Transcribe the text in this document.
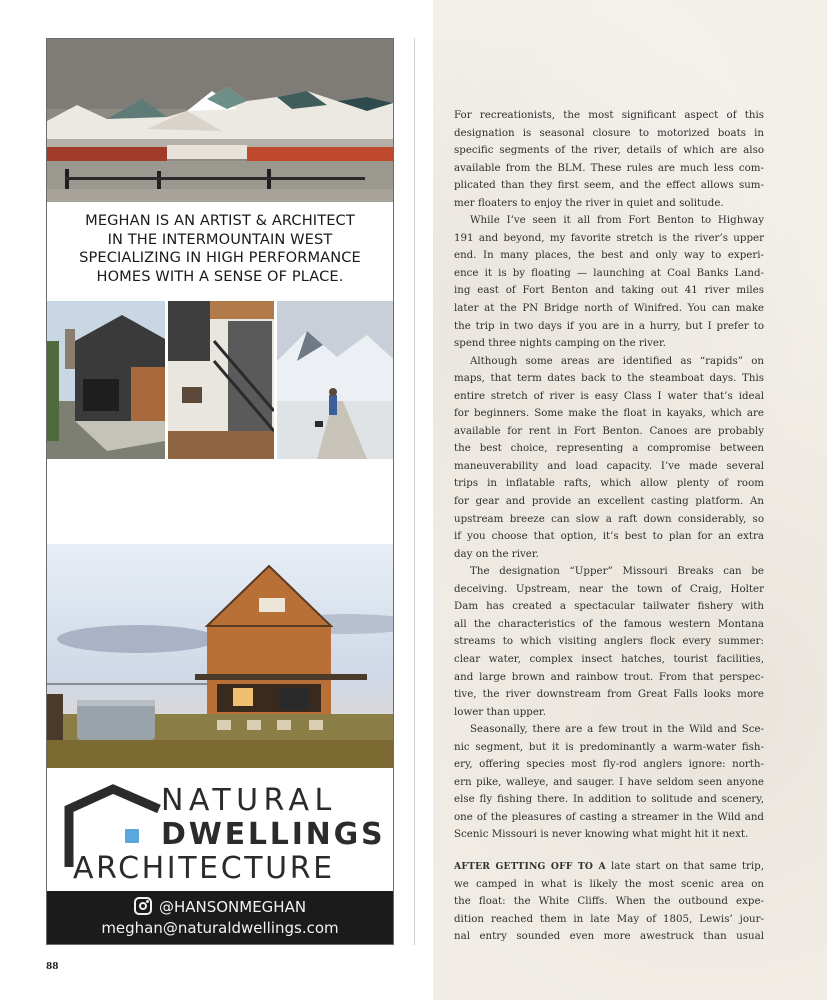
MEGHAN IS AN ARTIST & ARCHITECT
IN THE INTERMOUNTAIN WEST
SPECIALIZING IN HIGH PERFORMANCE
HOMES WITH A SENSE OF PLACE.
NATURAL
DWELLINGS
ARCHITECTURE
@HANSONMEGHAN
meghan@naturaldwellings.com
88
For recreationists, the most significant aspect of this
designation is seasonal closure to motorized boats in
specific segments of the river, details of which are also
available from the BLM. These rules are much less com-
plicated than they first seem, and the effect allows sum-
mer floaters to enjoy the river in quiet and solitude.
While I’ve seen it all from Fort Benton to Highway
191 and beyond, my favorite stretch is the river’s upper
end. In many places, the best and only way to experi-
ence it is by floating — launching at Coal Banks Land-
ing east of Fort Benton and taking out 41 river miles
later at the PN Bridge north of Winifred. You can make
the trip in two days if you are in a hurry, but I prefer to
spend three nights camping on the river.
Although some areas are identified as “rapids” on
maps, that term dates back to the steamboat days. This
entire stretch of river is easy Class I water that’s ideal
for beginners. Some make the float in kayaks, which are
available for rent in Fort Benton. Canoes are probably
the best choice, representing a compromise between
maneuverability and load capacity. I’ve made several
trips in inflatable rafts, which allow plenty of room
for gear and provide an excellent casting platform. An
upstream breeze can slow a raft down considerably, so
if you choose that option, it’s best to plan for an extra
day on the river.
The designation “Upper” Missouri Breaks can be
deceiving. Upstream, near the town of Craig, Holter
Dam has created a spectacular tailwater fishery with
all the characteristics of the famous western Montana
streams to which visiting anglers flock every summer:
clear water, complex insect hatches, tourist facilities,
and large brown and rainbow trout. From that perspec-
tive, the river downstream from Great Falls looks more
lower than upper.
Seasonally, there are a few trout in the Wild and Sce-
nic segment, but it is predominantly a warm-water fish-
ery, offering species most fly-rod anglers ignore: north-
ern pike, walleye, and sauger. I have seldom seen anyone
else fly fishing there. In addition to solitude and scenery,
one of the pleasures of casting a streamer in the Wild and
Scenic Missouri is never knowing what might hit it next.
AFTER GETTING OFF TO A late start on that same trip,
we camped in what is likely the most scenic area on
the float: the White Cliffs. When the outbound expe-
dition reached them in late May of 1805, Lewis’ jour-
nal entry sounded even more awestruck than usual
